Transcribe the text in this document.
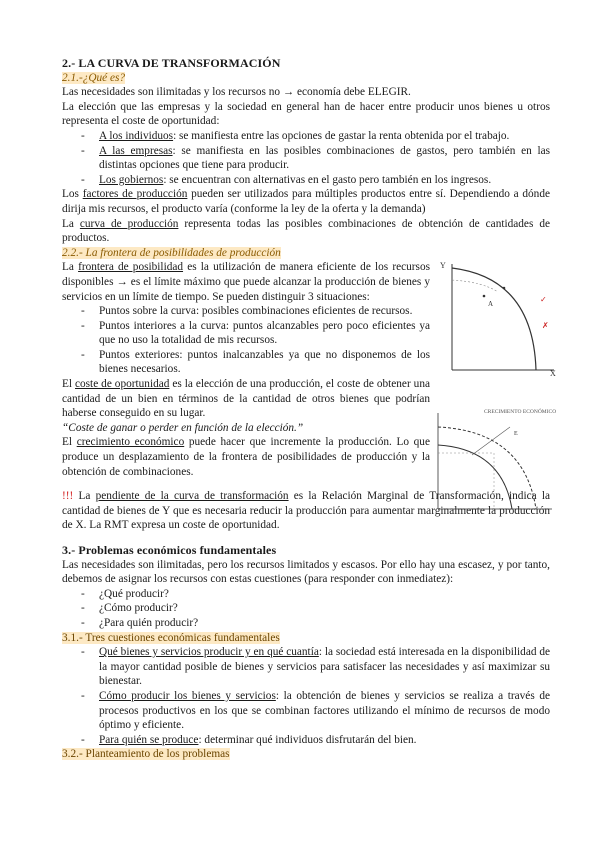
2.- LA CURVA DE TRANSFORMACIÓN

2.1.-¿Qué es?

Las necesidades son ilimitadas y los recursos no → economía debe ELEGIR.

La elección que las empresas y la sociedad en general han de hacer entre producir unos bienes u otros representa el coste de oportunidad:

- A los individuos: se manifiesta entre las opciones de gastar la renta obtenida por el trabajo.
- A las empresas: se manifiesta en las posibles combinaciones de gastos, pero también en las distintas opciones que tiene para producir.
- Los gobiernos: se encuentran con alternativas en el gasto pero también en los ingresos.

Los factores de producción pueden ser utilizados para múltiples productos entre sí. Dependiendo a dónde dirija mis recursos, el producto varía (conforme la ley de la oferta y la demanda)

La curva de producción representa todas las posibles combinaciones de obtención de cantidades de productos.

2.2.- La frontera de posibilidades de producción

La frontera de posibilidad es la utilización de manera eficiente de los recursos disponibles → es el límite máximo que puede alcanzar la producción de bienes y servicios en un límite de tiempo. Se pueden distinguir 3 situaciones:

- Puntos sobre la curva: posibles combinaciones eficientes de recursos.
- Puntos interiores a la curva: puntos alcanzables pero poco eficientes ya que no uso la totalidad de mis recursos.
- Puntos exteriores: puntos inalcanzables ya que no disponemos de los bienes necesarios.

El coste de oportunidad es la elección de una producción, el coste de obtener una cantidad de un bien en términos de la cantidad de otros bienes que podrían haberse conseguido en su lugar.

“Coste de ganar o perder en función de la elección.”

El crecimiento económico puede hacer que incremente la producción. Lo que produce un desplazamiento de la frontera de posibilidades de producción y la obtención de combinaciones.

A	✓
✗
Y
X
CRECIMIENTO ECONÓMICO
E

!!! La pendiente de la curva de transformación es la Relación Marginal de Transformación, indica la cantidad de bienes de Y que es necesaria reducir la producción para aumentar marginalmente la producción de X. La RMT expresa un coste de oportunidad.

3.- Problemas económicos fundamentales

Las necesidades son ilimitadas, pero los recursos limitados y escasos. Por ello hay una escasez, y por tanto, debemos de asignar los recursos con estas cuestiones (para responder con inmediatez):

- ¿Qué producir?
- ¿Cómo producir?
- ¿Para quién producir?

3.1.- Tres cuestiones económicas fundamentales

- Qué bienes y servicios producir y en qué cuantía: la sociedad está interesada en la disponibilidad de la mayor cantidad posible de bienes y servicios para satisfacer las necesidades y así maximizar su bienestar.
- Cómo producir los bienes y servicios: la obtención de bienes y servicios se realiza a través de procesos productivos en los que se combinan factores utilizando el mínimo de recursos de modo óptimo y eficiente.
- Para quién se produce: determinar qué individuos disfrutarán del bien.

3.2.- Planteamiento de los problemas
